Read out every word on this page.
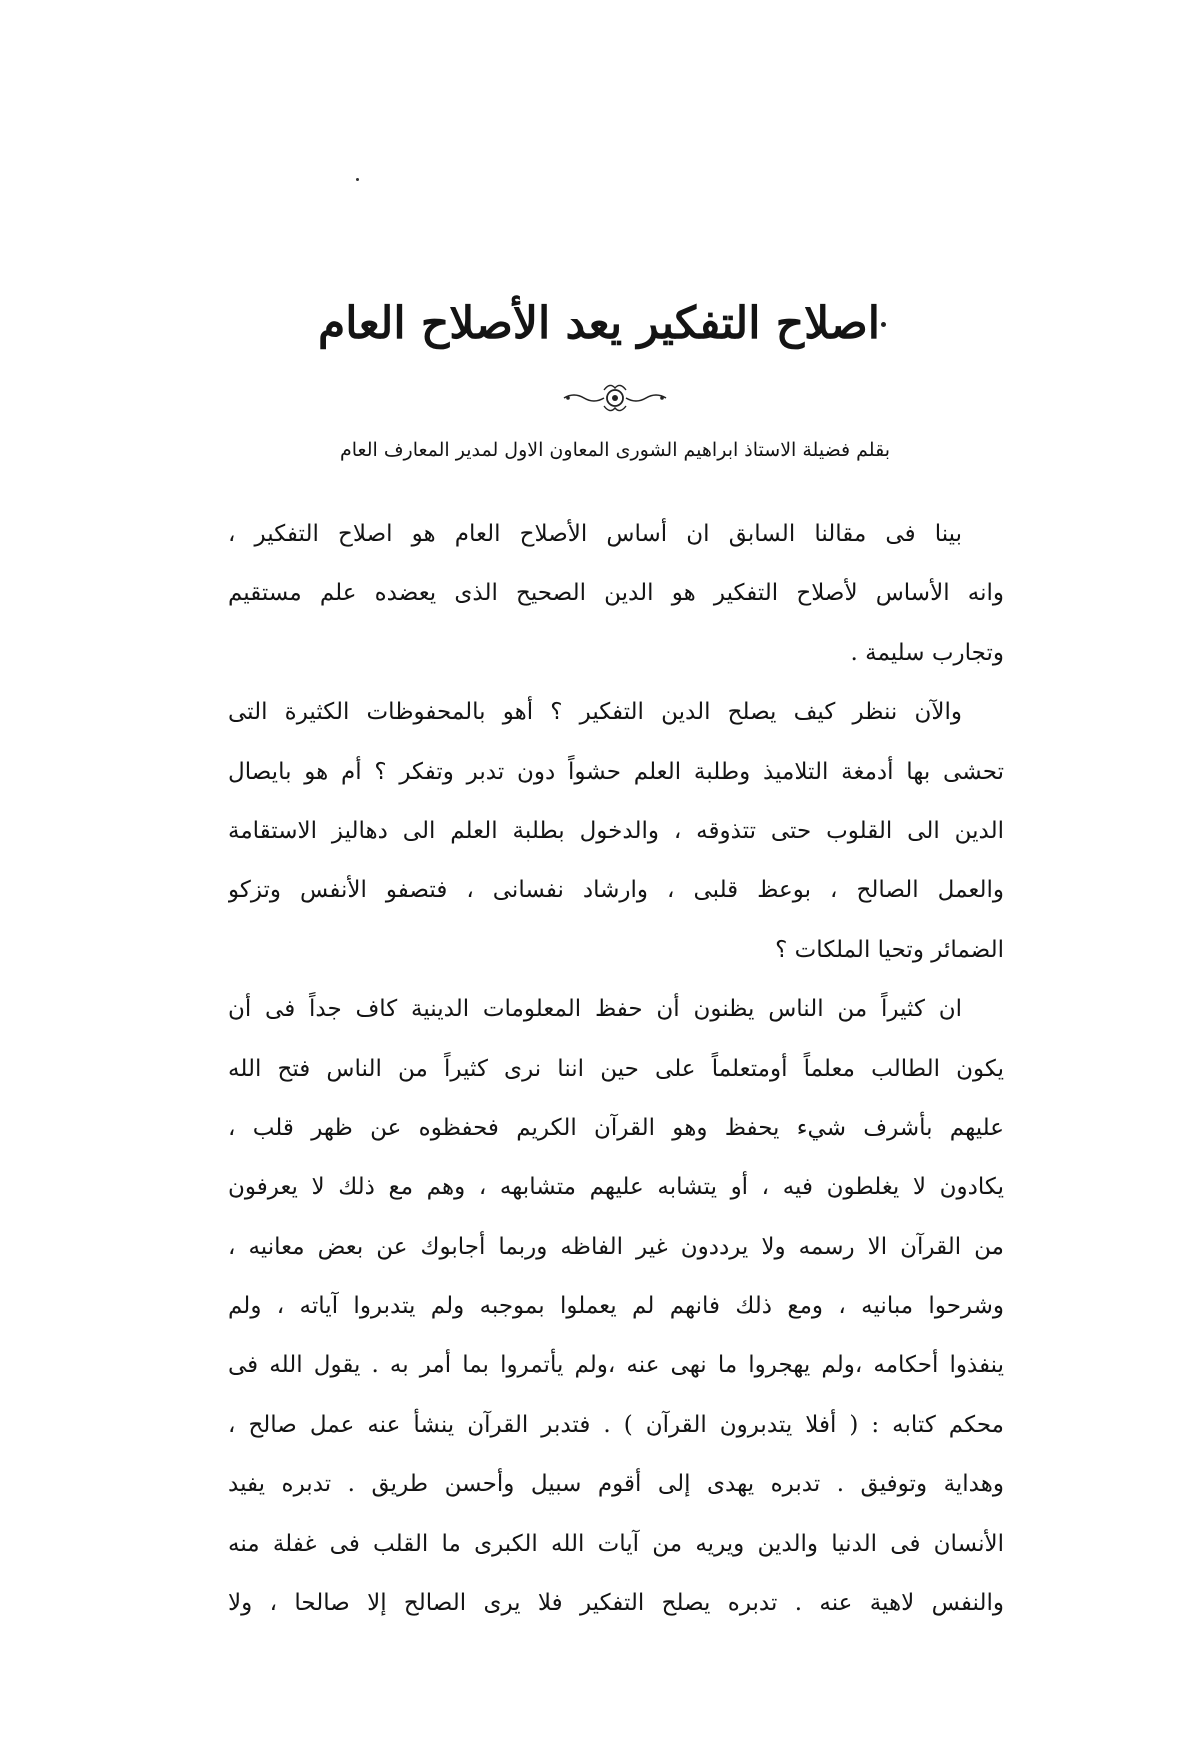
اصلاح التفكير يعد الأصلاح العام
بقلم فضيلة الاستاذ ابراهيم الشورى المعاون الاول لمدير المعارف العام
بينا فى مقالنا السابق ان أساس الأصلاح العام هو اصلاح التفكير ،
وانه الأساس لأصلاح التفكير هو الدين الصحيح الذى يعضده علم مستقيم
وتجارب سليمة .
والآن ننظر كيف يصلح الدين التفكير ؟ أهو بالمحفوظات الكثيرة التى
تحشى بها أدمغة التلاميذ وطلبة العلم حشواً دون تدبر وتفكر ؟ أم هو بايصال
الدين الى القلوب حتى تتذوقه ، والدخول بطلبة العلم الى دهاليز الاستقامة
والعمل الصالح ، بوعظ قلبى ، وارشاد نفسانى ، فتصفو الأنفس وتزكو
الضمائر وتحيا الملكات ؟
ان كثيراً من الناس يظنون أن حفظ المعلومات الدينية كاف جداً فى أن
يكون الطالب معلماً أومتعلماً على حين اننا نرى كثيراً من الناس فتح الله
عليهم بأشرف شيء يحفظ وهو القرآن الكريم فحفظوه عن ظهر قلب ،
يكادون لا يغلطون فيه ، أو يتشابه عليهم متشابهه ، وهم مع ذلك لا يعرفون
من القرآن الا رسمه ولا يرددون غير الفاظه وربما أجابوك عن بعض معانيه ،
وشرحوا مبانيه ، ومع ذلك فانهم لم يعملوا بموجبه ولم يتدبروا آياته ، ولم
ينفذوا أحكامه ،ولم يهجروا ما نهى عنه ،ولم يأتمروا بما أمر به . يقول الله فى
محكم كتابه : ( أفلا يتدبرون القرآن ) . فتدبر القرآن ينشأ عنه عمل صالح ،
وهداية وتوفيق . تدبره يهدى إلى أقوم سبيل وأحسن طريق . تدبره يفيد
الأنسان فى الدنيا والدين ويريه من آيات الله الكبرى ما القلب فى غفلة منه
والنفس لاهية عنه . تدبره يصلح التفكير فلا يرى الصالح إلا صالحا ، ولا
